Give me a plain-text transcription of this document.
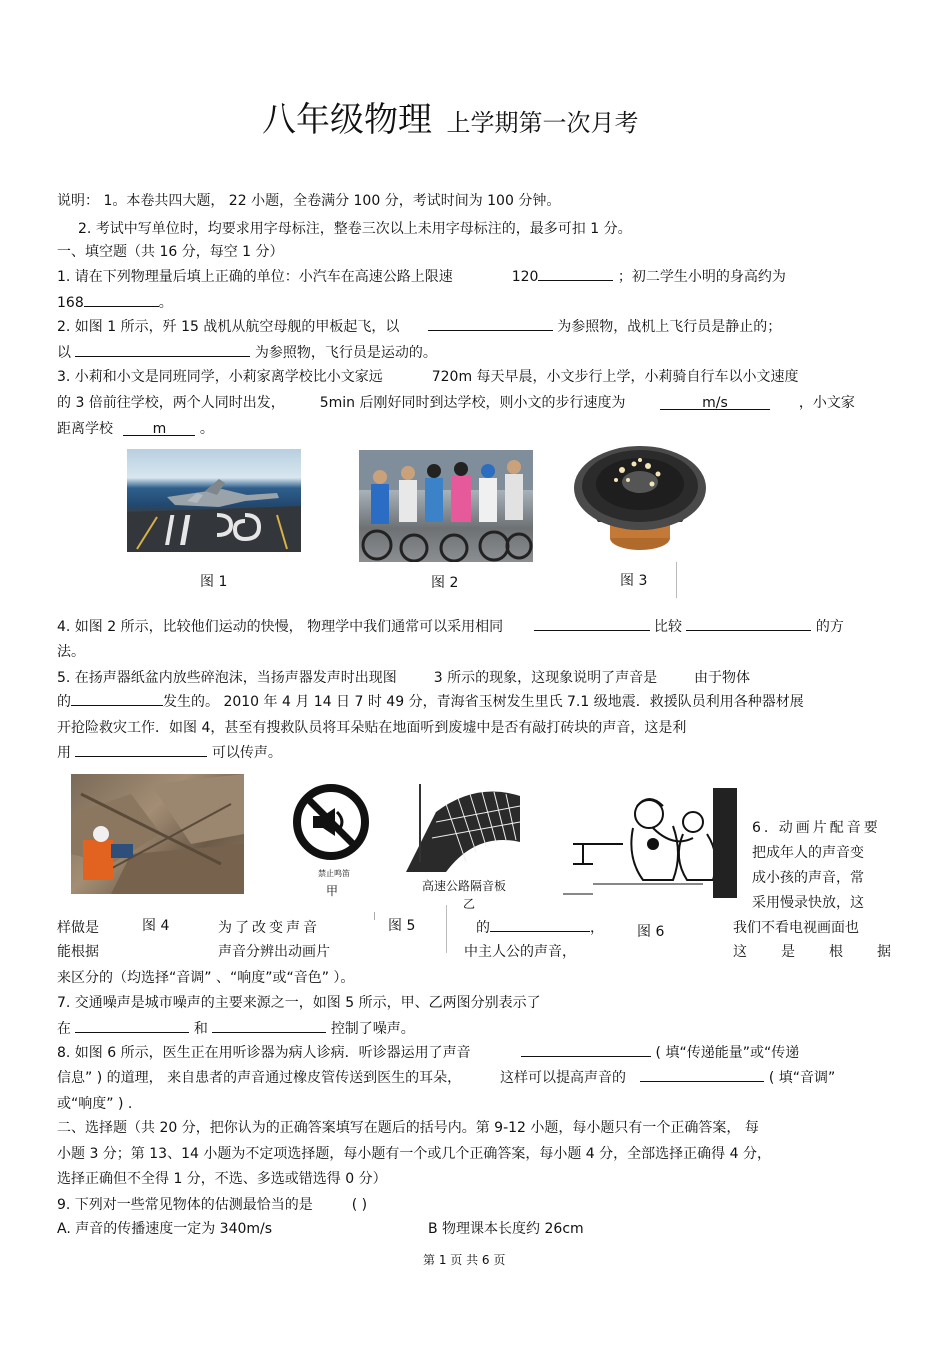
八年级物理 上学期第一次月考
说明： 1。本卷共四大题， 22 小题，全卷满分 100 分，考试时间为 100 分钟。
2. 考试中写单位时，均要求用字母标注，整卷三次以上未用字母标注的，最多可扣 1 分。
一、填空题（共 16 分，每空 1 分）
1. 请在下列物理量后填上正确的单位：小汽车在高速公路上限速	120	；初二学生小明的身高约为
168	。
2. 如图 1 所示，歼 15 战机从航空母舰的甲板起飞，以	为参照物，战机上飞行员是静止的；
以	为参照物，飞行员是运动的。
3. 小莉和小文是同班同学，小莉家离学校比小文家远	720m 每天早晨，小文步行上学，小莉骑自行车以小文速度
的 3 倍前往学校，两个人同时出发， 5min 后刚好同时到达学校，则小文的步行速度为	m/s	，小文家
距离学校	m 。
图 1	图 2	图 3
4. 如图 2 所示，比较他们运动的快慢， 物理学中我们通常可以采用相同	比较	的方
法。
5. 在扬声器纸盆内放些碎泡沫，当扬声器发声时出现图	3 所示的现象，这现象说明了声音是	由于物体
的	发生的。 2010 年 4 月 14 日 7 时 49 分，青海省玉树发生里氏 7.1 级地震．救援队员利用各种器材展
开抢险救灾工作．如图 4，甚至有搜救队员将耳朵贴在地面听到废墟中是否有敲打砖块的声音，这是利
用	可以传声。
禁止鸣笛
甲	高速公路隔音板
乙
6. 动画片配音要
把成年人的声音变
成小孩的声音，常
采用慢录快放，这
样做是	图 4	为了改变声音	图 5	的	， 图 6	我们不看电视画面也
能根据	声音分辨出动画片	中主人公的声音，	这 是 根 据
来区分的（均选择“音调” 、“响度”或“音色” ）。
7. 交通噪声是城市噪声的主要来源之一，如图 5 所示，甲、乙两图分别表示了
在	和	控制了噪声。
8. 如图 6 所示，医生正在用听诊器为病人诊病．听诊器运用了声音	( 填“传递能量”或“传递
信息” ) 的道理， 来自患者的声音通过橡皮管传送到医生的耳朵，	这样可以提高声音的	( 填“音调”
或“响度” ) .
二、选择题（共 20 分，把你认为的正确答案填写在题后的括号内。第 9-12 小题，每小题只有一个正确答案， 每
小题 3 分；第 13、14 小题为不定项选择题，每小题有一个或几个正确答案，每小题 4 分，全部选择正确得 4 分，
选择正确但不全得 1 分，不选、多选或错选得 0 分）
9. 下列对一些常见物体的估测最恰当的是	( )
A. 声音的传播速度一定为 340m/s	B 物理课本长度约 26cm
第 1 页 共 6 页
